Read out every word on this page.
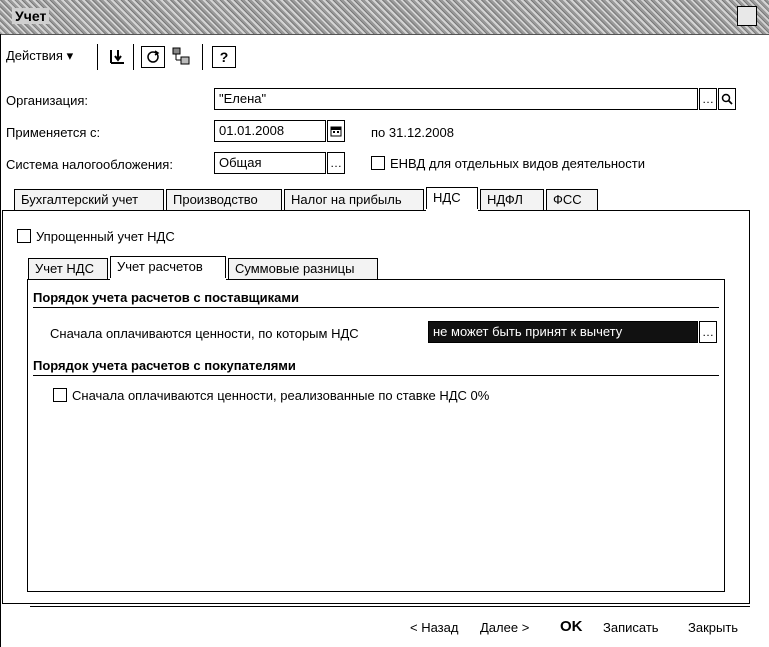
Учет
Действия ▾	?
Организация:	"Елена"	…
Применяется с:	01.01.2008	по 31.12.2008
Система налогообложения:	Общая	…	ЕНВД для отдельных видов деятельности
Бухгалтерский учет	Производство	Налог на прибыль	НДС	НДФЛ	ФСС
Упрощенный учет НДС
Учет НДС	Учет расчетов	Суммовые разницы
Порядок учета расчетов с поставщиками
Сначала оплачиваются ценности, по которым НДС	не может быть принят к вычету	…
Порядок учета расчетов с покупателями
Сначала оплачиваются ценности, реализованные по ставке НДС 0%
< Назад Далее > OK Записать Закрыть
